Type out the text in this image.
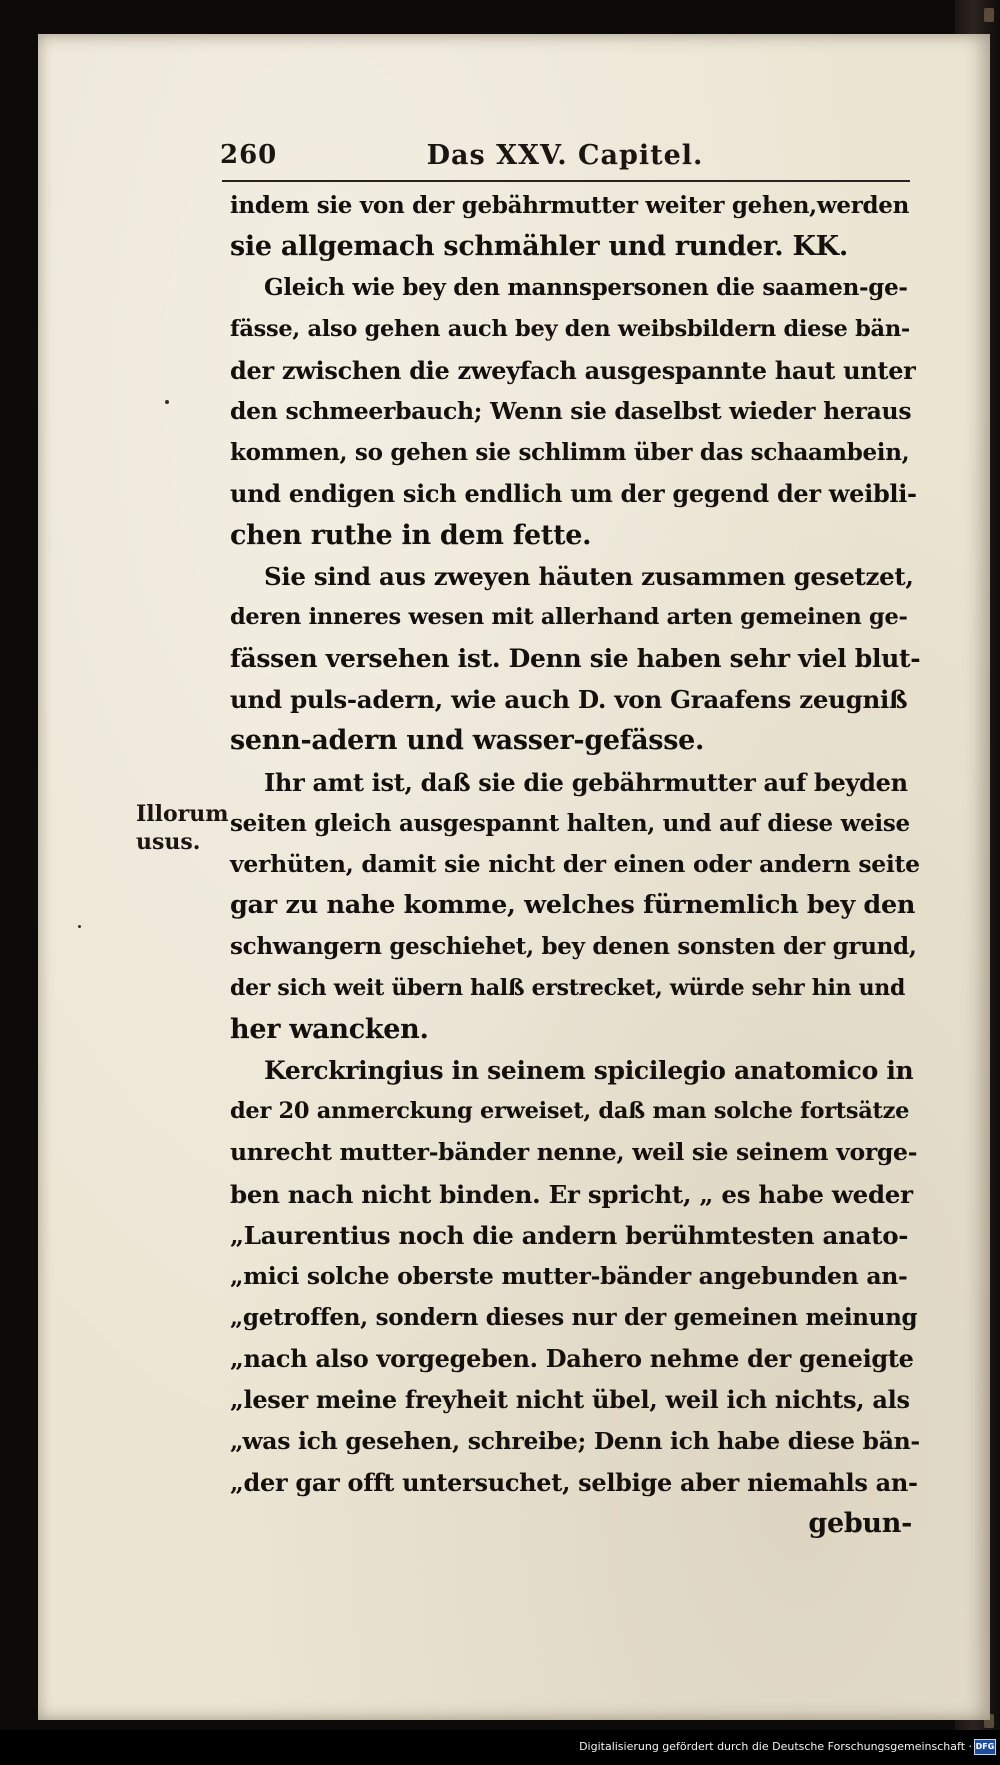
260	Das XXV. Capitel.
Illorum
usus.
indem sie von der gebährmutter weiter gehen,werden
sie allgemach schmähler und runder. KK.
Gleich wie bey den mannspersonen die saamen-ge-
fässe, also gehen auch bey den weibsbildern diese bän-
der zwischen die zweyfach ausgespannte haut unter
den schmeerbauch; Wenn sie daselbst wieder heraus
kommen, so gehen sie schlimm über das schaambein,
und endigen sich endlich um der gegend der weibli-
chen ruthe in dem fette.
Sie sind aus zweyen häuten zusammen gesetzet,
deren inneres wesen mit allerhand arten gemeinen ge-
fässen versehen ist. Denn sie haben sehr viel blut-
und puls-adern, wie auch D. von Graafens zeugniß
senn-adern und wasser-gefässe.
Ihr amt ist, daß sie die gebährmutter auf beyden
seiten gleich ausgespannt halten, und auf diese weise
verhüten, damit sie nicht der einen oder andern seite
gar zu nahe komme, welches fürnemlich bey den
schwangern geschiehet, bey denen sonsten der grund,
der sich weit übern halß erstrecket, würde sehr hin und
her wancken.
Kerckringius in seinem spicilegio anatomico in
der 20 anmerckung erweiset, daß man solche fortsätze
unrecht mutter-bänder nenne, weil sie seinem vorge-
ben nach nicht binden. Er spricht, „ es habe weder
„Laurentius noch die andern berühmtesten anato-
„mici solche oberste mutter-bänder angebunden an-
„getroffen, sondern dieses nur der gemeinen meinung
„nach also vorgegeben. Dahero nehme der geneigte
„leser meine freyheit nicht übel, weil ich nichts, als
„was ich gesehen, schreibe; Denn ich habe diese bän-
„der gar offt untersuchet, selbige aber niemahls an-
gebun-
Digitalisierung gefördert durch die Deutsche Forschungsgemeinschaft · DFG
